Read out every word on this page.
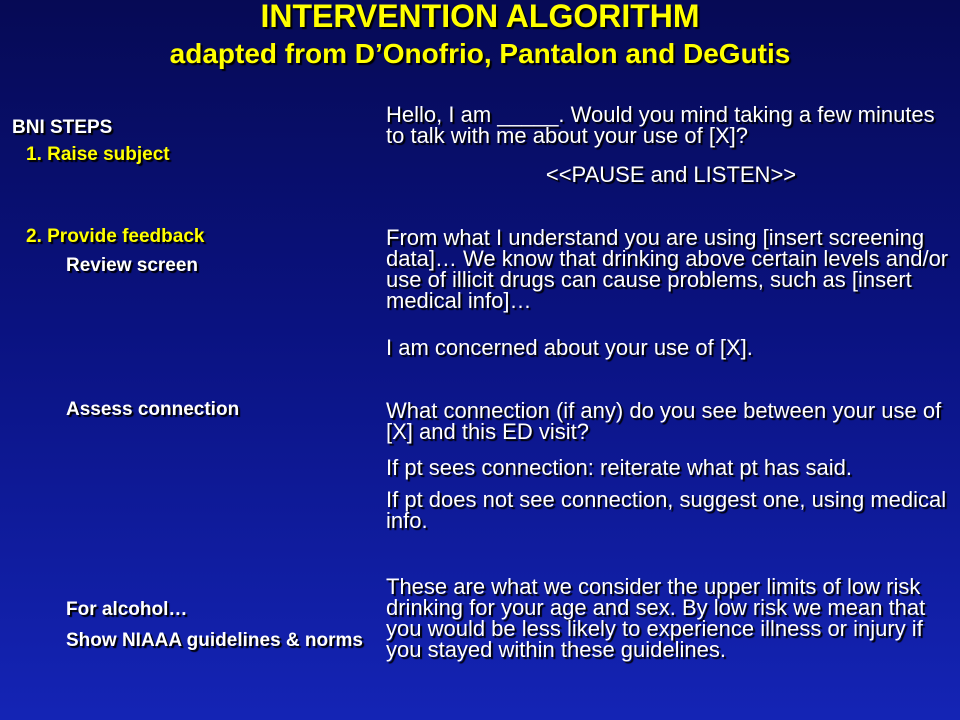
INTERVENTION ALGORITHM
adapted from D’Onofrio, Pantalon and DeGutis
BNI STEPS
1. Raise subject
2. Provide feedback
Review screen
Assess connection
For alcohol…
Show NIAAA guidelines & norms
Hello, I am _____. Would you mind taking a few minutes to talk with me about your use of [X]?
<<PAUSE and LISTEN>>
From what I understand you are using [insert screening data]… We know that drinking above certain levels and/or use of illicit drugs can cause problems, such as [insert medical info]…
I am concerned about your use of [X].
What connection (if any) do you see between your use of [X] and this ED visit?
If pt sees connection: reiterate what pt has said.
If pt does not see connection, suggest one, using medical info.
These are what we consider the upper limits of low risk drinking for your age and sex. By low risk we mean that you would be less likely to experience illness or injury if you stayed within these guidelines.
